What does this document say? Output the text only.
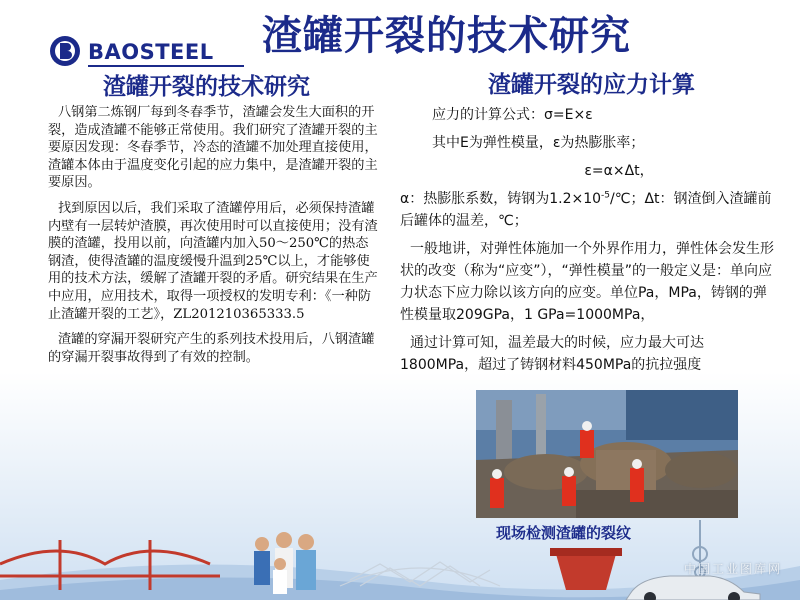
BAOSTEEL 渣罐开裂的技术研究
渣罐开裂的技术研究

八钢第二炼钢厂每到冬春季节，渣罐会发生大面积的开裂，造成渣罐不能够正常使用。我们研究了渣罐开裂的主要原因发现：冬春季节，冷态的渣罐不加处理直接使用，渣罐本体由于温度变化引起的应力集中，是渣罐开裂的主要原因。

找到原因以后，我们采取了渣罐停用后，必须保持渣罐内壁有一层转炉渣膜，再次使用时可以直接使用；没有渣膜的渣罐，投用以前，向渣罐内加入50～250℃的热态钢渣，使得渣罐的温度缓慢升温到25℃以上，才能够使用的技术方法，缓解了渣罐开裂的矛盾。研究结果在生产中应用，应用技术，取得一项授权的发明专利：《一种防止渣罐开裂的工艺》，ZL201210365333.5

渣罐的穿漏开裂研究产生的系列技术投用后，八钢渣罐的穿漏开裂事故得到了有效的控制。

渣罐开裂的应力计算

应力的计算公式：σ=E×ε

其中E为弹性模量，ε为热膨胀率；

ε=α×Δt，

α：热膨胀系数，铸钢为$1.2\times 10^{-5}/℃$；Δt：钢渣倒入渣罐前后罐体的温差，℃；

一般地讲，对弹性体施加一个外界作用力，弹性体会发生形状的改变（称为“应变”），“弹性模量”的一般定义是：单向应力状态下应力除以该方向的应变。单位Pa，MPa，铸钢的弹性模量取209GPa，1 GPa=1000MPa，

通过计算可知，温差最大的时候，应力最大可达1800MPa，超过了铸钢材料450MPa的抗拉强度

现场检测渣罐的裂纹
中国工业图库网
